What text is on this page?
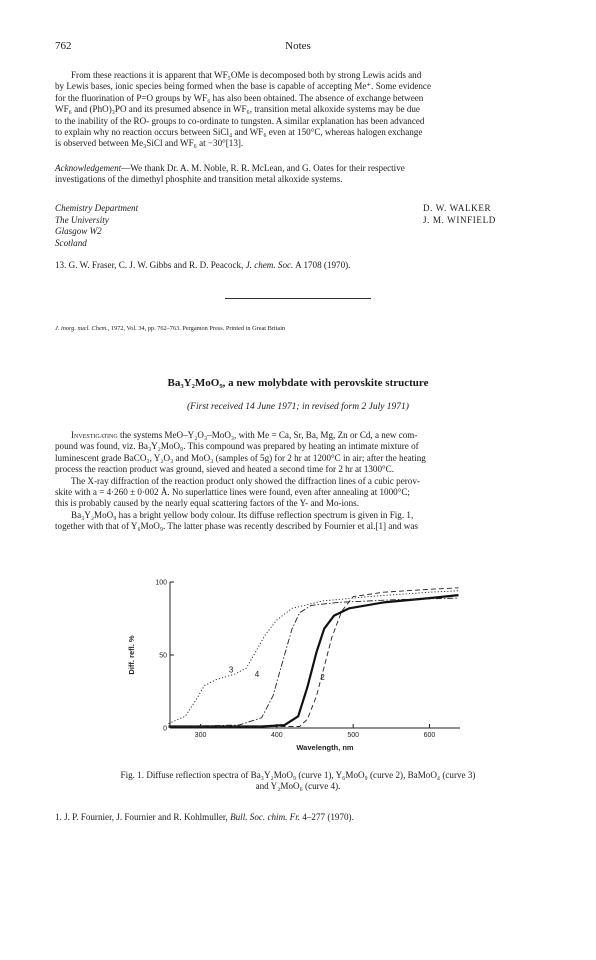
762	Notes
From these reactions it is apparent that WF₅OMe is decomposed both by strong Lewis acids and
by Lewis bases, ionic species being formed when the base is capable of accepting Me⁺. Some evidence
for the fluorination of P=O groups by WF₆ has also been obtained. The absence of exchange between
WF₆ and (PhO)₃PO and its presumed absence in WF₆, transition metal alkoxide systems may be due
to the inability of the RO- groups to co-ordinate to tungsten. A similar explanation has been advanced
to explain why no reaction occurs between SiCl₄ and WF₆ even at 150°C, whereas halogen exchange
is observed between Me₃SiCl and WF₆ at −30°[13].
Acknowledgement—We thank Dr. A. M. Noble, R. R. McLean, and G. Oates for their respective
investigations of the dimethyl phosphite and transition metal alkoxide systems.
Chemistry Department
The University
Glasgow W2
Scotland
D. W. WALKER
J. M. WINFIELD
13. G. W. Fraser, C. J. W. Gibbs and R. D. Peacock, J. chem. Soc. A 1708 (1970).
J. inorg. nucl. Chem., 1972, Vol. 34, pp. 762–763. Pergamon Press. Printed in Great Britain
Ba₃Y₂MoO₉, a new molybdate with perovskite structure
(First received 14 June 1971; in revised form 2 July 1971)
Investigating the systems MeO–Y₂O₃–MoO₃, with Me = Ca, Sr, Ba, Mg, Zn or Cd, a new com-
pound was found, viz. Ba₃Y₂MoO₉. This compound was prepared by heating an intimate mixture of
luminescent grade BaCO₃, Y₂O₃ and MoO₃ (samples of 5g) for 2 hr at 1200°C in air; after the heating
process the reaction product was ground, sieved and heated a second time for 2 hr at 1300°C.
The X-ray diffraction of the reaction product only showed the diffraction lines of a cubic perov-
skite with a = 4·260 ± 0·002 Å. No superlattice lines were found, even after annealing at 1000°C;
this is probably caused by the nearly equal scattering factors of the Y- and Mo-ions.
Ba₃Y₂MoO₉ has a bright yellow body colour. Its diffuse reflection spectrum is given in Fig. 1,
together with that of Y₆MoO₉. The latter phase was recently described by Fournier et al.[1] and was
300	400	500	600
0
50
100
Wavelength, nm
Diff. refl. %	3	4	2
Fig. 1. Diffuse reflection spectra of Ba₃Y₂MoO₉ (curve 1), Y₆MoO₉ (curve 2), BaMoO₄ (curve 3)
and Y₂MoO₆ (curve 4).
1. J. P. Fournier, J. Fournier and R. Kohlmuller, Bull. Soc. chim. Fr. 4–277 (1970).
